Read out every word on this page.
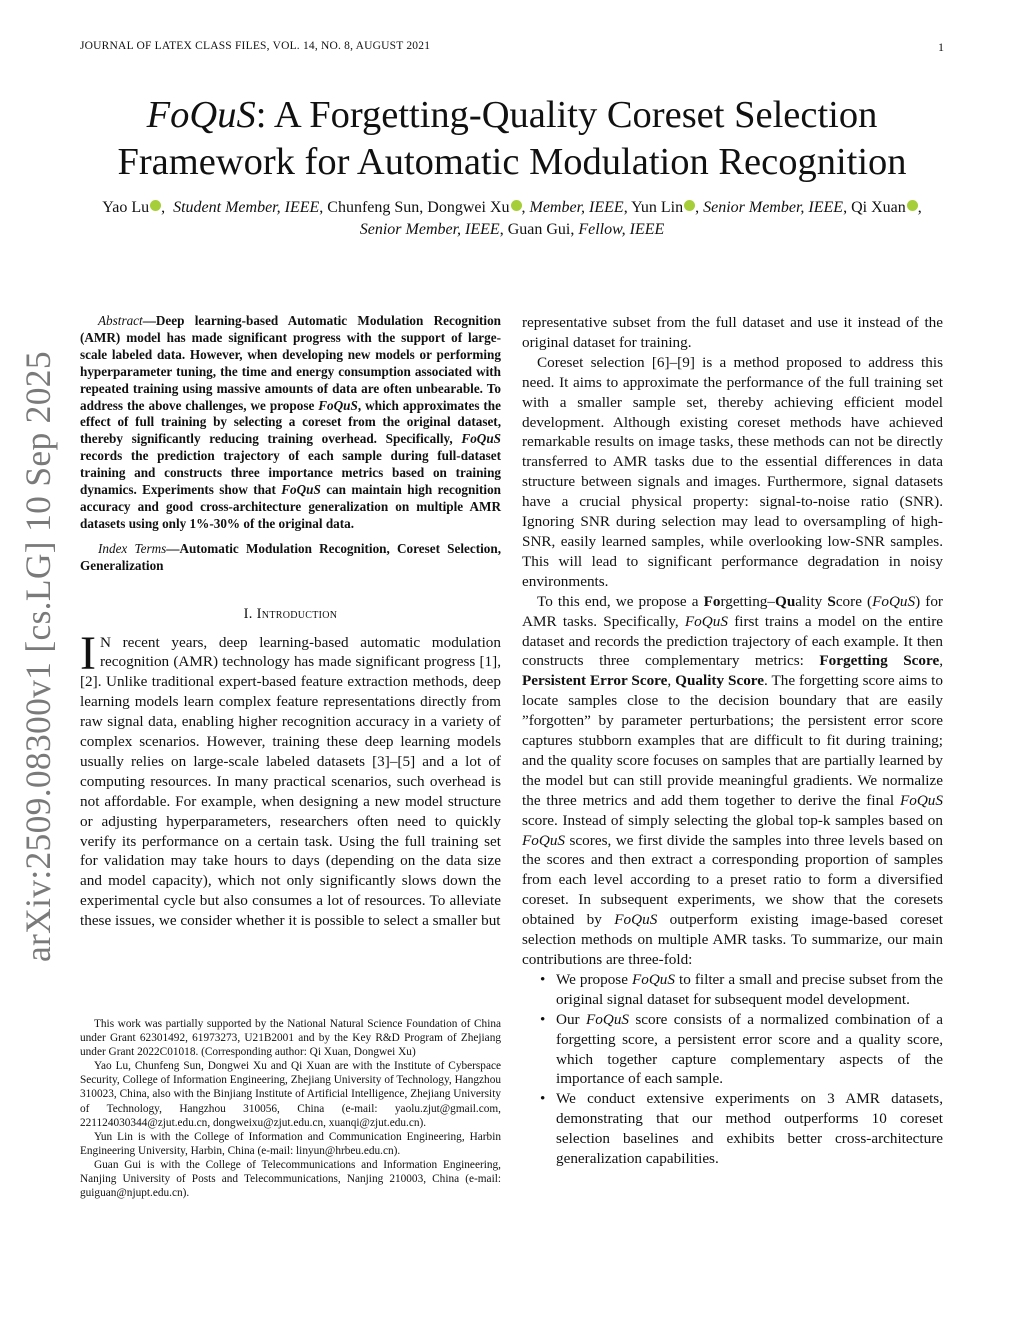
JOURNAL OF LATEX CLASS FILES, VOL. 14, NO. 8, AUGUST 2021	1
arXiv:2509.08300v1 [cs.LG] 10 Sep 2025
FoQuS: A Forgetting-Quality Coreset Selection Framework for Automatic Modulation Recognition
Yao Lu ,  Student Member, IEEE, Chunfeng Sun, Dongwei Xu , Member, IEEE, Yun Lin , Senior Member, IEEE, Qi Xuan , Senior Member, IEEE, Guan Gui, Fellow, IEEE

Abstract—Deep learning-based Automatic Modulation Recognition (AMR) model has made significant progress with the support of large-scale labeled data. However, when developing new models or performing hyperparameter tuning, the time and energy consumption associated with repeated training using massive amounts of data are often unbearable. To address the above challenges, we propose FoQuS, which approximates the effect of full training by selecting a coreset from the original dataset, thereby significantly reducing training overhead. Specifically, FoQuS records the prediction trajectory of each sample during full-dataset training and constructs three importance metrics based on training dynamics. Experiments show that FoQuS can maintain high recognition accuracy and good cross-architecture generalization on multiple AMR datasets using only 1%-30% of the original data.

Index Terms—Automatic Modulation Recognition, Coreset Selection, Generalization

I. Introduction

I N recent years, deep learning-based automatic modulation recognition (AMR) technology has made significant progress [1], [2]. Unlike traditional expert-based feature extraction methods, deep learning models learn complex feature representations directly from raw signal data, enabling higher recognition accuracy in a variety of complex scenarios. However, training these deep learning models usually relies on large-scale labeled datasets [3]–[5] and a lot of computing resources. In many practical scenarios, such overhead is not affordable. For example, when designing a new model structure or adjusting hyperparameters, researchers often need to quickly verify its performance on a certain task. Using the full training set for validation may take hours to days (depending on the data size and model capacity), which not only significantly slows down the experimental cycle but also consumes a lot of resources. To alleviate these issues, we consider whether it is possible to select a smaller but

This work was partially supported by the National Natural Science Foundation of China under Grant 62301492, 61973273, U21B2001 and by the Key R&D Program of Zhejiang under Grant 2022C01018. (Corresponding author: Qi Xuan, Dongwei Xu)

Yao Lu, Chunfeng Sun, Dongwei Xu and Qi Xuan are with the Institute of Cyberspace Security, College of Information Engineering, Zhejiang University of Technology, Hangzhou 310023, China, also with the Binjiang Institute of Artificial Intelligence, Zhejiang University of Technology, Hangzhou 310056, China (e-mail: yaolu.zjut@gmail.com, 221124030344@zjut.edu.cn, dongweixu@zjut.edu.cn, xuanqi@zjut.edu.cn).

Yun Lin is with the College of Information and Communication Engineering, Harbin Engineering University, Harbin, China (e-mail: linyun@hrbeu.edu.cn).

Guan Gui is with the College of Telecommunications and Information Engineering, Nanjing University of Posts and Telecommunications, Nanjing 210003, China (e-mail: guiguan@njupt.edu.cn).

representative subset from the full dataset and use it instead of the original dataset for training.

Coreset selection [6]–[9] is a method proposed to address this need. It aims to approximate the performance of the full training set with a smaller sample set, thereby achieving efficient model development. Although existing coreset methods have achieved remarkable results on image tasks, these methods can not be directly transferred to AMR tasks due to the essential differences in data structure between signals and images. Furthermore, signal datasets have a crucial physical property: signal-to-noise ratio (SNR). Ignoring SNR during selection may lead to oversampling of high-SNR, easily learned samples, while overlooking low-SNR samples. This will lead to significant performance degradation in noisy environments.

To this end, we propose a Forgetting–Quality Score (FoQuS) for AMR tasks. Specifically, FoQuS first trains a model on the entire dataset and records the prediction trajectory of each example. It then constructs three complementary metrics: Forgetting Score, Persistent Error Score, Quality Score. The forgetting score aims to locate samples close to the decision boundary that are easily ”forgotten” by parameter perturbations; the persistent error score captures stubborn examples that are difficult to fit during training; and the quality score focuses on samples that are partially learned by the model but can still provide meaningful gradients. We normalize the three metrics and add them together to derive the final FoQuS score. Instead of simply selecting the global top-k samples based on FoQuS scores, we first divide the samples into three levels based on the scores and then extract a corresponding proportion of samples from each level according to a preset ratio to form a diversified coreset. In subsequent experiments, we show that the coresets obtained by FoQuS outperform existing image-based coreset selection methods on multiple AMR tasks. To summarize, our main contributions are three-fold:

• We propose FoQuS to filter a small and precise subset from the original signal dataset for subsequent model development.
• Our FoQuS score consists of a normalized combination of a forgetting score, a persistent error score and a quality score, which together capture complementary aspects of the importance of each sample.
• We conduct extensive experiments on 3 AMR datasets, demonstrating that our method outperforms 10 coreset selection baselines and exhibits better cross-architecture generalization capabilities.
